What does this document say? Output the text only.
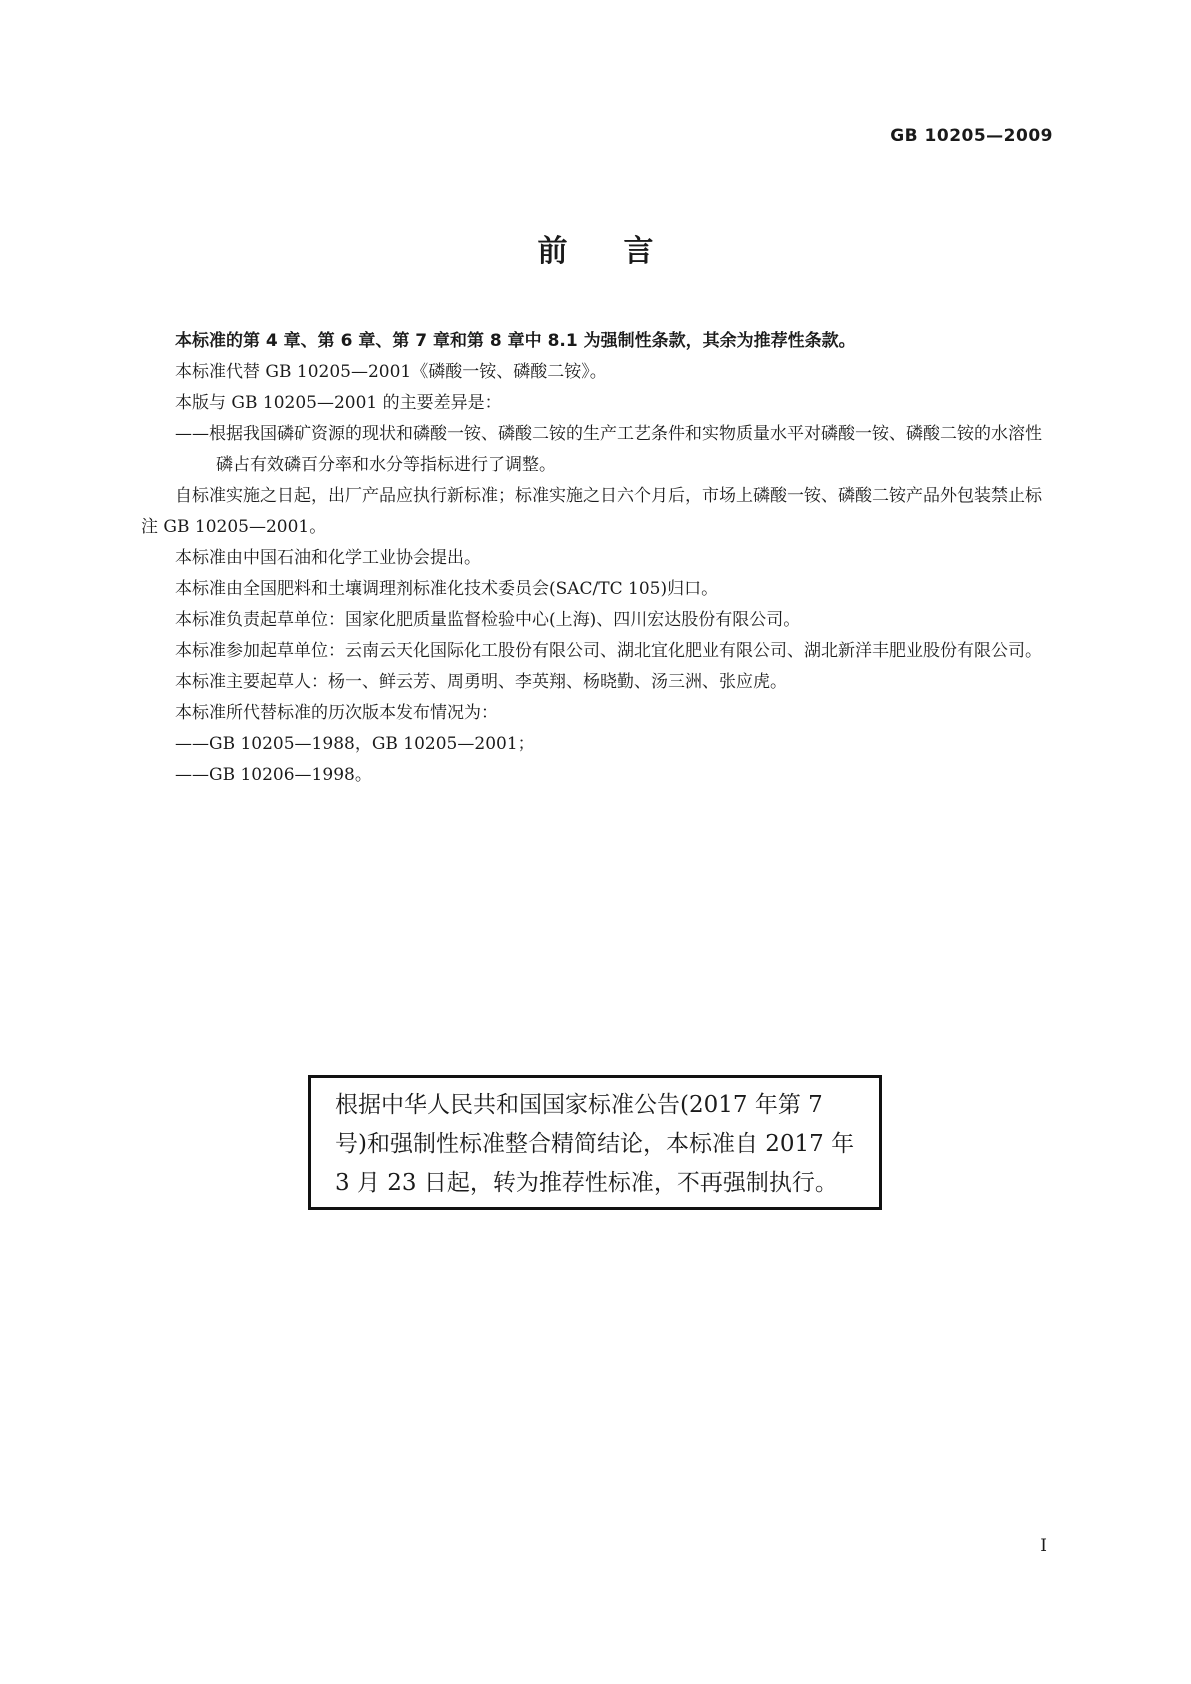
GB 10205—2009
前言

本标准的第 4 章、第 6 章、第 7 章和第 8 章中 8.1 为强制性条款，其余为推荐性条款。

本标准代替 GB 10205—2001《磷酸一铵、磷酸二铵》。

本版与 GB 10205—2001 的主要差异是：

——根据我国磷矿资源的现状和磷酸一铵、磷酸二铵的生产工艺条件和实物质量水平对磷酸一铵、磷酸二铵的水溶性磷占有效磷百分率和水分等指标进行了调整。

自标准实施之日起，出厂产品应执行新标准；标准实施之日六个月后，市场上磷酸一铵、磷酸二铵产品外包装禁止标注 GB 10205—2001。

本标准由中国石油和化学工业协会提出。

本标准由全国肥料和土壤调理剂标准化技术委员会(SAC/TC 105)归口。

本标准负责起草单位：国家化肥质量监督检验中心(上海)、四川宏达股份有限公司。

本标准参加起草单位：云南云天化国际化工股份有限公司、湖北宜化肥业有限公司、湖北新洋丰肥业股份有限公司。

本标准主要起草人：杨一、鲜云芳、周勇明、李英翔、杨晓勤、汤三洲、张应虎。

本标准所代替标准的历次版本发布情况为：

——GB 10205—1988，GB 10205—2001；

——GB 10206—1998。

根据中华人民共和国国家标准公告(2017 年第 7 号)和强制性标准整合精简结论，本标准自 2017 年 3 月 23 日起，转为推荐性标准，不再强制执行。
I
